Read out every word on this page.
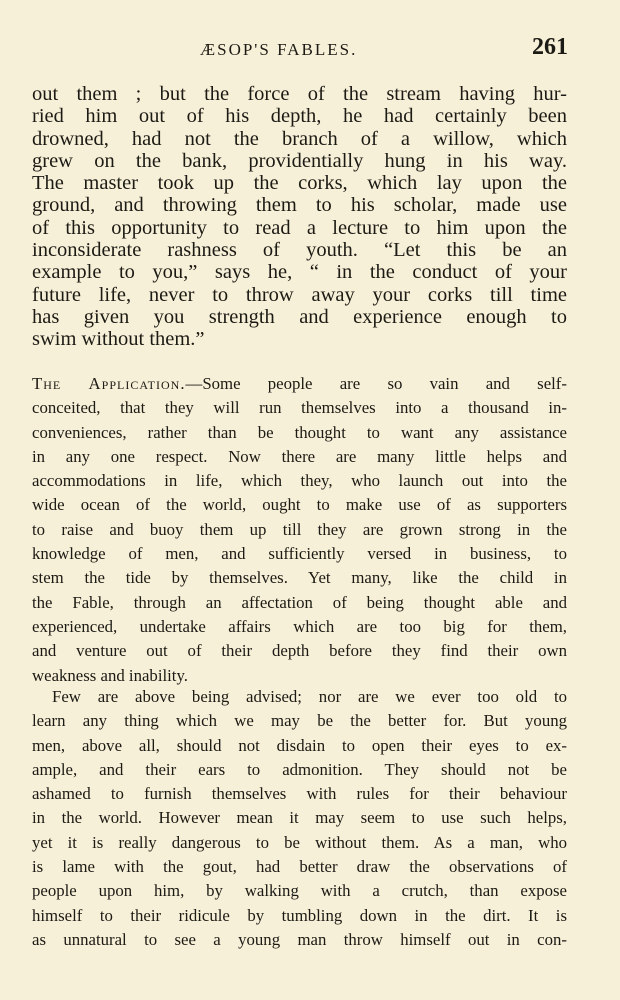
ÆSOP'S FABLES.	261
out them ; but the force of the stream having hur-
ried him out of his depth, he had certainly been
drowned, had not the branch of a willow, which
grew on the bank, providentially hung in his way.
The master took up the corks, which lay upon the
ground, and throwing them to his scholar, made use
of this opportunity to read a lecture to him upon the
inconsiderate rashness of youth. “Let this be an
example to you,” says he, “ in the conduct of your
future life, never to throw away your corks till time
has given you strength and experience enough to
swim without them.”
The Application.—Some people are so vain and self-
conceited, that they will run themselves into a thousand in-
conveniences, rather than be thought to want any assistance
in any one respect. Now there are many little helps and
accommodations in life, which they, who launch out into the
wide ocean of the world, ought to make use of as supporters
to raise and buoy them up till they are grown strong in the
knowledge of men, and sufficiently versed in business, to
stem the tide by themselves. Yet many, like the child in
the Fable, through an affectation of being thought able and
experienced, undertake affairs which are too big for them,
and venture out of their depth before they find their own
weakness and inability.
Few are above being advised; nor are we ever too old to
learn any thing which we may be the better for. But young
men, above all, should not disdain to open their eyes to ex-
ample, and their ears to admonition. They should not be
ashamed to furnish themselves with rules for their behaviour
in the world. However mean it may seem to use such helps,
yet it is really dangerous to be without them. As a man, who
is lame with the gout, had better draw the observations of
people upon him, by walking with a crutch, than expose
himself to their ridicule by tumbling down in the dirt. It is
as unnatural to see a young man throw himself out in con-
